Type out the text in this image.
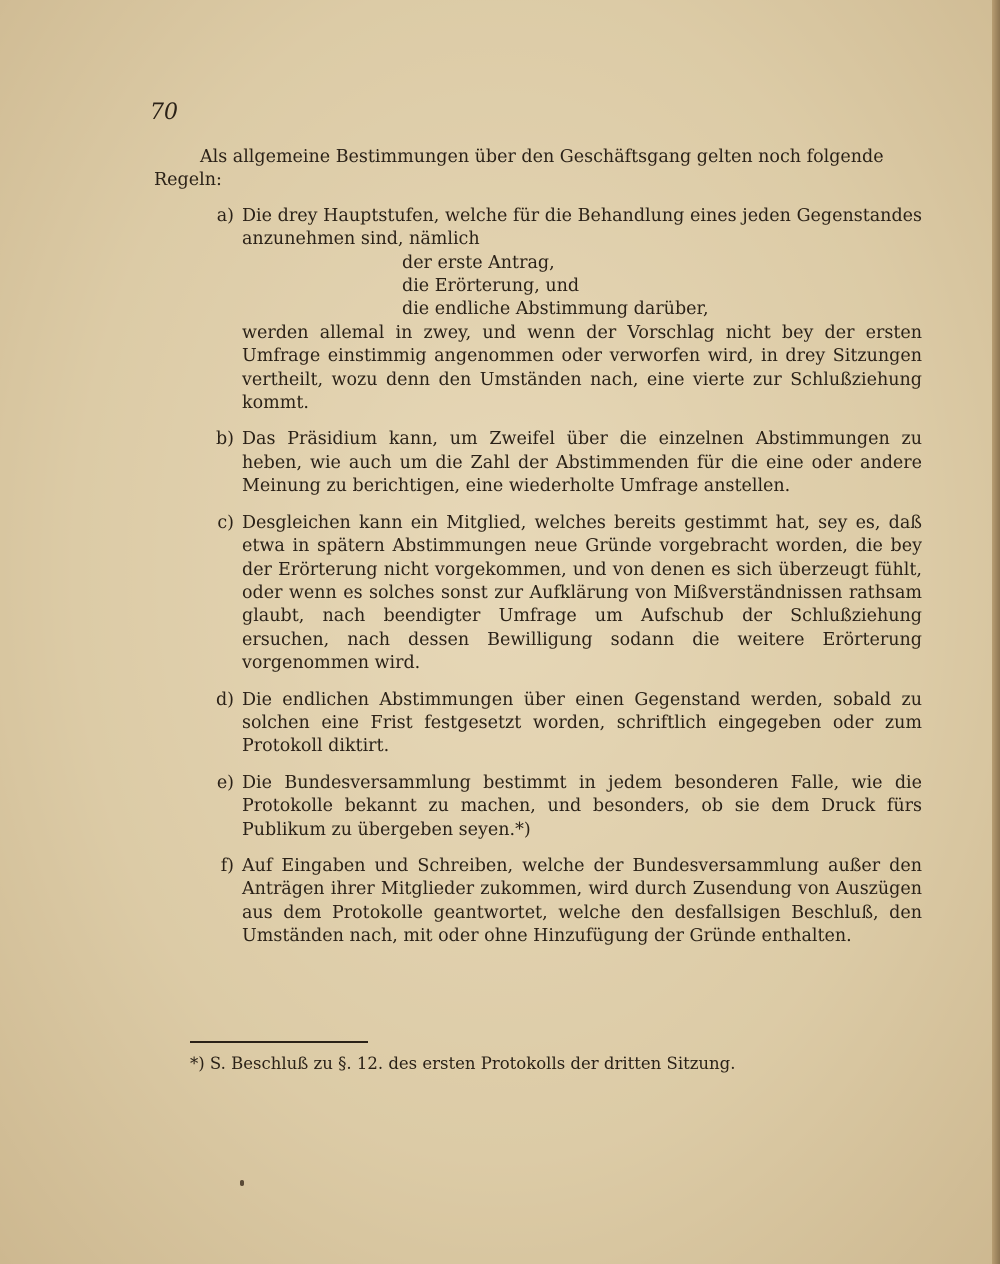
70

Als allgemeine Bestimmungen über den Geschäftsgang gelten noch folgende
Regeln:

a) Die drey Hauptstufen, welche für die Behandlung eines jeden Gegenstandes anzunehmen sind, nämlich
der erste Antrag,
die Erörterung, und
die endliche Abstimmung darüber,
werden allemal in zwey, und wenn der Vorschlag nicht bey der ersten Umfrage einstimmig angenommen oder verworfen wird, in drey Sitzungen vertheilt, wozu denn den Umständen nach, eine vierte zur Schlußziehung kommt.
b) Das Präsidium kann, um Zweifel über die einzelnen Abstimmungen zu heben, wie auch um die Zahl der Abstimmenden für die eine oder andere Meinung zu berichtigen, eine wiederholte Umfrage anstellen.
c) Desgleichen kann ein Mitglied, welches bereits gestimmt hat, sey es, daß etwa in spätern Abstimmungen neue Gründe vorgebracht worden, die bey der Erörterung nicht vorgekommen, und von denen es sich überzeugt fühlt, oder wenn es solches sonst zur Aufklärung von Mißverständnissen rathsam glaubt, nach beendigter Umfrage um Aufschub der Schlußziehung ersuchen, nach dessen Bewilligung sodann die weitere Erörterung vorgenommen wird.
d) Die endlichen Abstimmungen über einen Gegenstand werden, sobald zu solchen eine Frist festgesetzt worden, schriftlich eingegeben oder zum Protokoll diktirt.
e) Die Bundesversammlung bestimmt in jedem besonderen Falle, wie die Protokolle bekannt zu machen, und besonders, ob sie dem Druck fürs Publikum zu übergeben seyen.*)
f) Auf Eingaben und Schreiben, welche der Bundesversammlung außer den Anträgen ihrer Mitglieder zukommen, wird durch Zusendung von Auszügen aus dem Protokolle geantwortet, welche den desfallsigen Beschluß, den Umständen nach, mit oder ohne Hinzufügung der Gründe enthalten.
*) S. Beschluß zu §. 12. des ersten Protokolls der dritten Sitzung.
